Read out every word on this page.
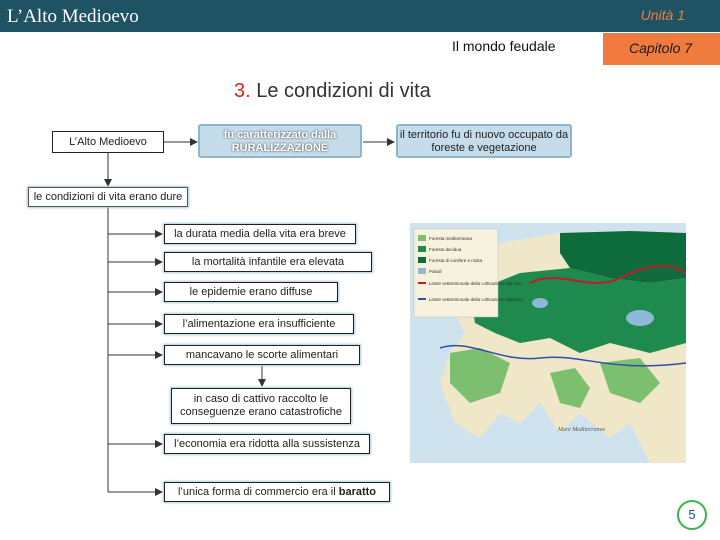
L’Alto Medioevo	Unità 1
Il mondo feudale	Capitolo 7
3. Le condizioni di vita
L’Alto Medioevo
fu caratterizzato dalla RURALIZZAZIONE
il territorio fu di nuovo occupato da foreste e vegetazione
le condizioni di vita erano dure
la durata media della vita era breve
la mortalità infantile era elevata
le epidemie erano diffuse
l’alimentazione era insufficiente
mancavano le scorte alimentari
in caso di cattivo raccolto le conseguenze erano catastrofiche
l’economia era ridotta alla sussistenza
l’unica forma di commercio era il baratto
Foresta mediterranea
Foresta decidua
Foresta di conifere e mista
Paludi
Limite settentrionale della coltivazione del vino
Limite settentrionale della coltivazione dell’olivo
Mare Mediterraneo
5
